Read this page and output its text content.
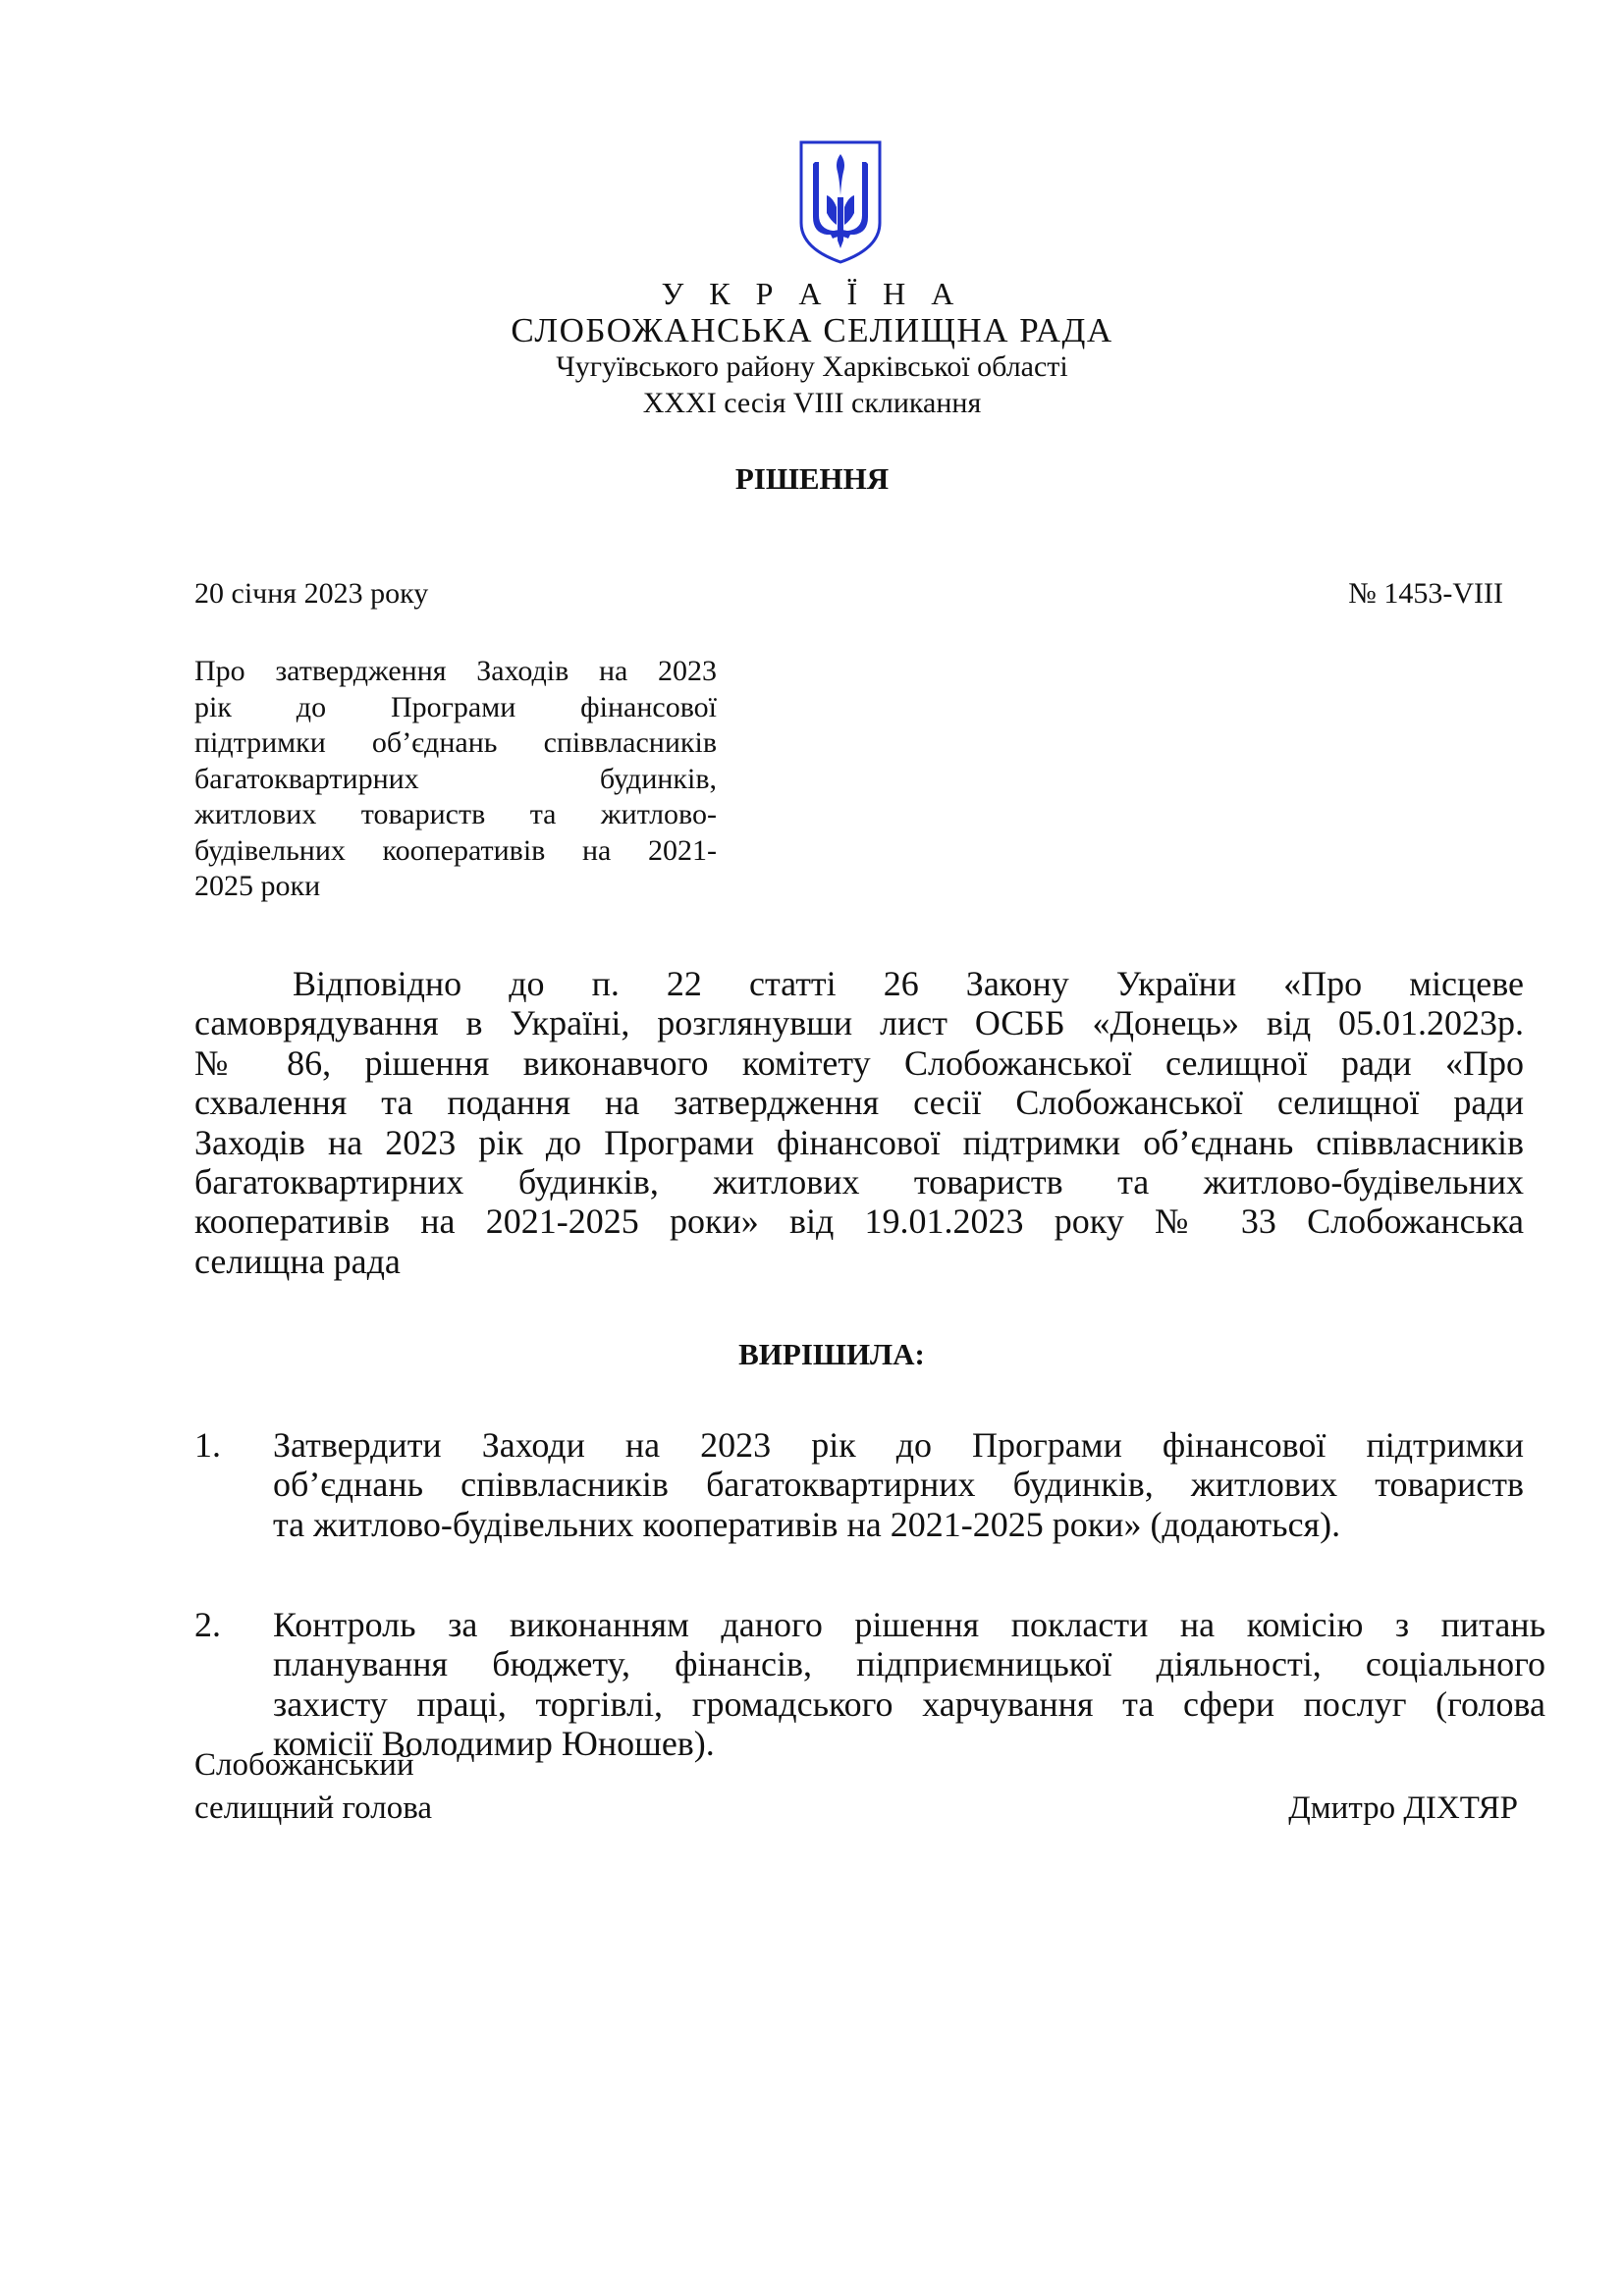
У К Р А Ї Н А
СЛОБОЖАНСЬКА СЕЛИЩНА РАДА
Чугуївського району Харківської області
XXXI сесія VIII скликання
РІШЕННЯ
20 січня 2023 року	№ 1453-VIII
Про затвердження Заходів на 2023
рік до Програми фінансової
підтримки об’єднань співвласників
багатоквартирних будинків,
житлових товариств та житлово-
будівельних кооперативів на 2021-
2025 роки
Відповідно до п. 22 статті 26 Закону України «Про місцеве
самоврядування в Україні, розглянувши лист ОСББ «Донець» від 05.01.2023р.
№ 86, рішення виконавчого комітету Слобожанської селищної ради «Про
схвалення та подання на затвердження сесії Слобожанської селищної ради
Заходів на 2023 рік до Програми фінансової підтримки об’єднань співвласників
багатоквартирних будинків, житлових товариств та житлово-будівельних
кооперативів на 2021-2025 роки» від 19.01.2023 року № 33 Слобожанська
селищна рада
ВИРІШИЛА:
1.	Затвердити Заходи на 2023 рік до Програми фінансової підтримки
об’єднань співвласників багатоквартирних будинків, житлових товариств
та житлово-будівельних кооперативів на 2021-2025 роки» (додаються).
2.	Контроль за виконанням даного рішення покласти на комісію з питань
планування бюджету, фінансів, підприємницької діяльності, соціального
захисту праці, торгівлі, громадського харчування та сфери послуг (голова
комісії Володимир Юношев).
Слобожанський
селищний голова	Дмитро ДІХТЯР
